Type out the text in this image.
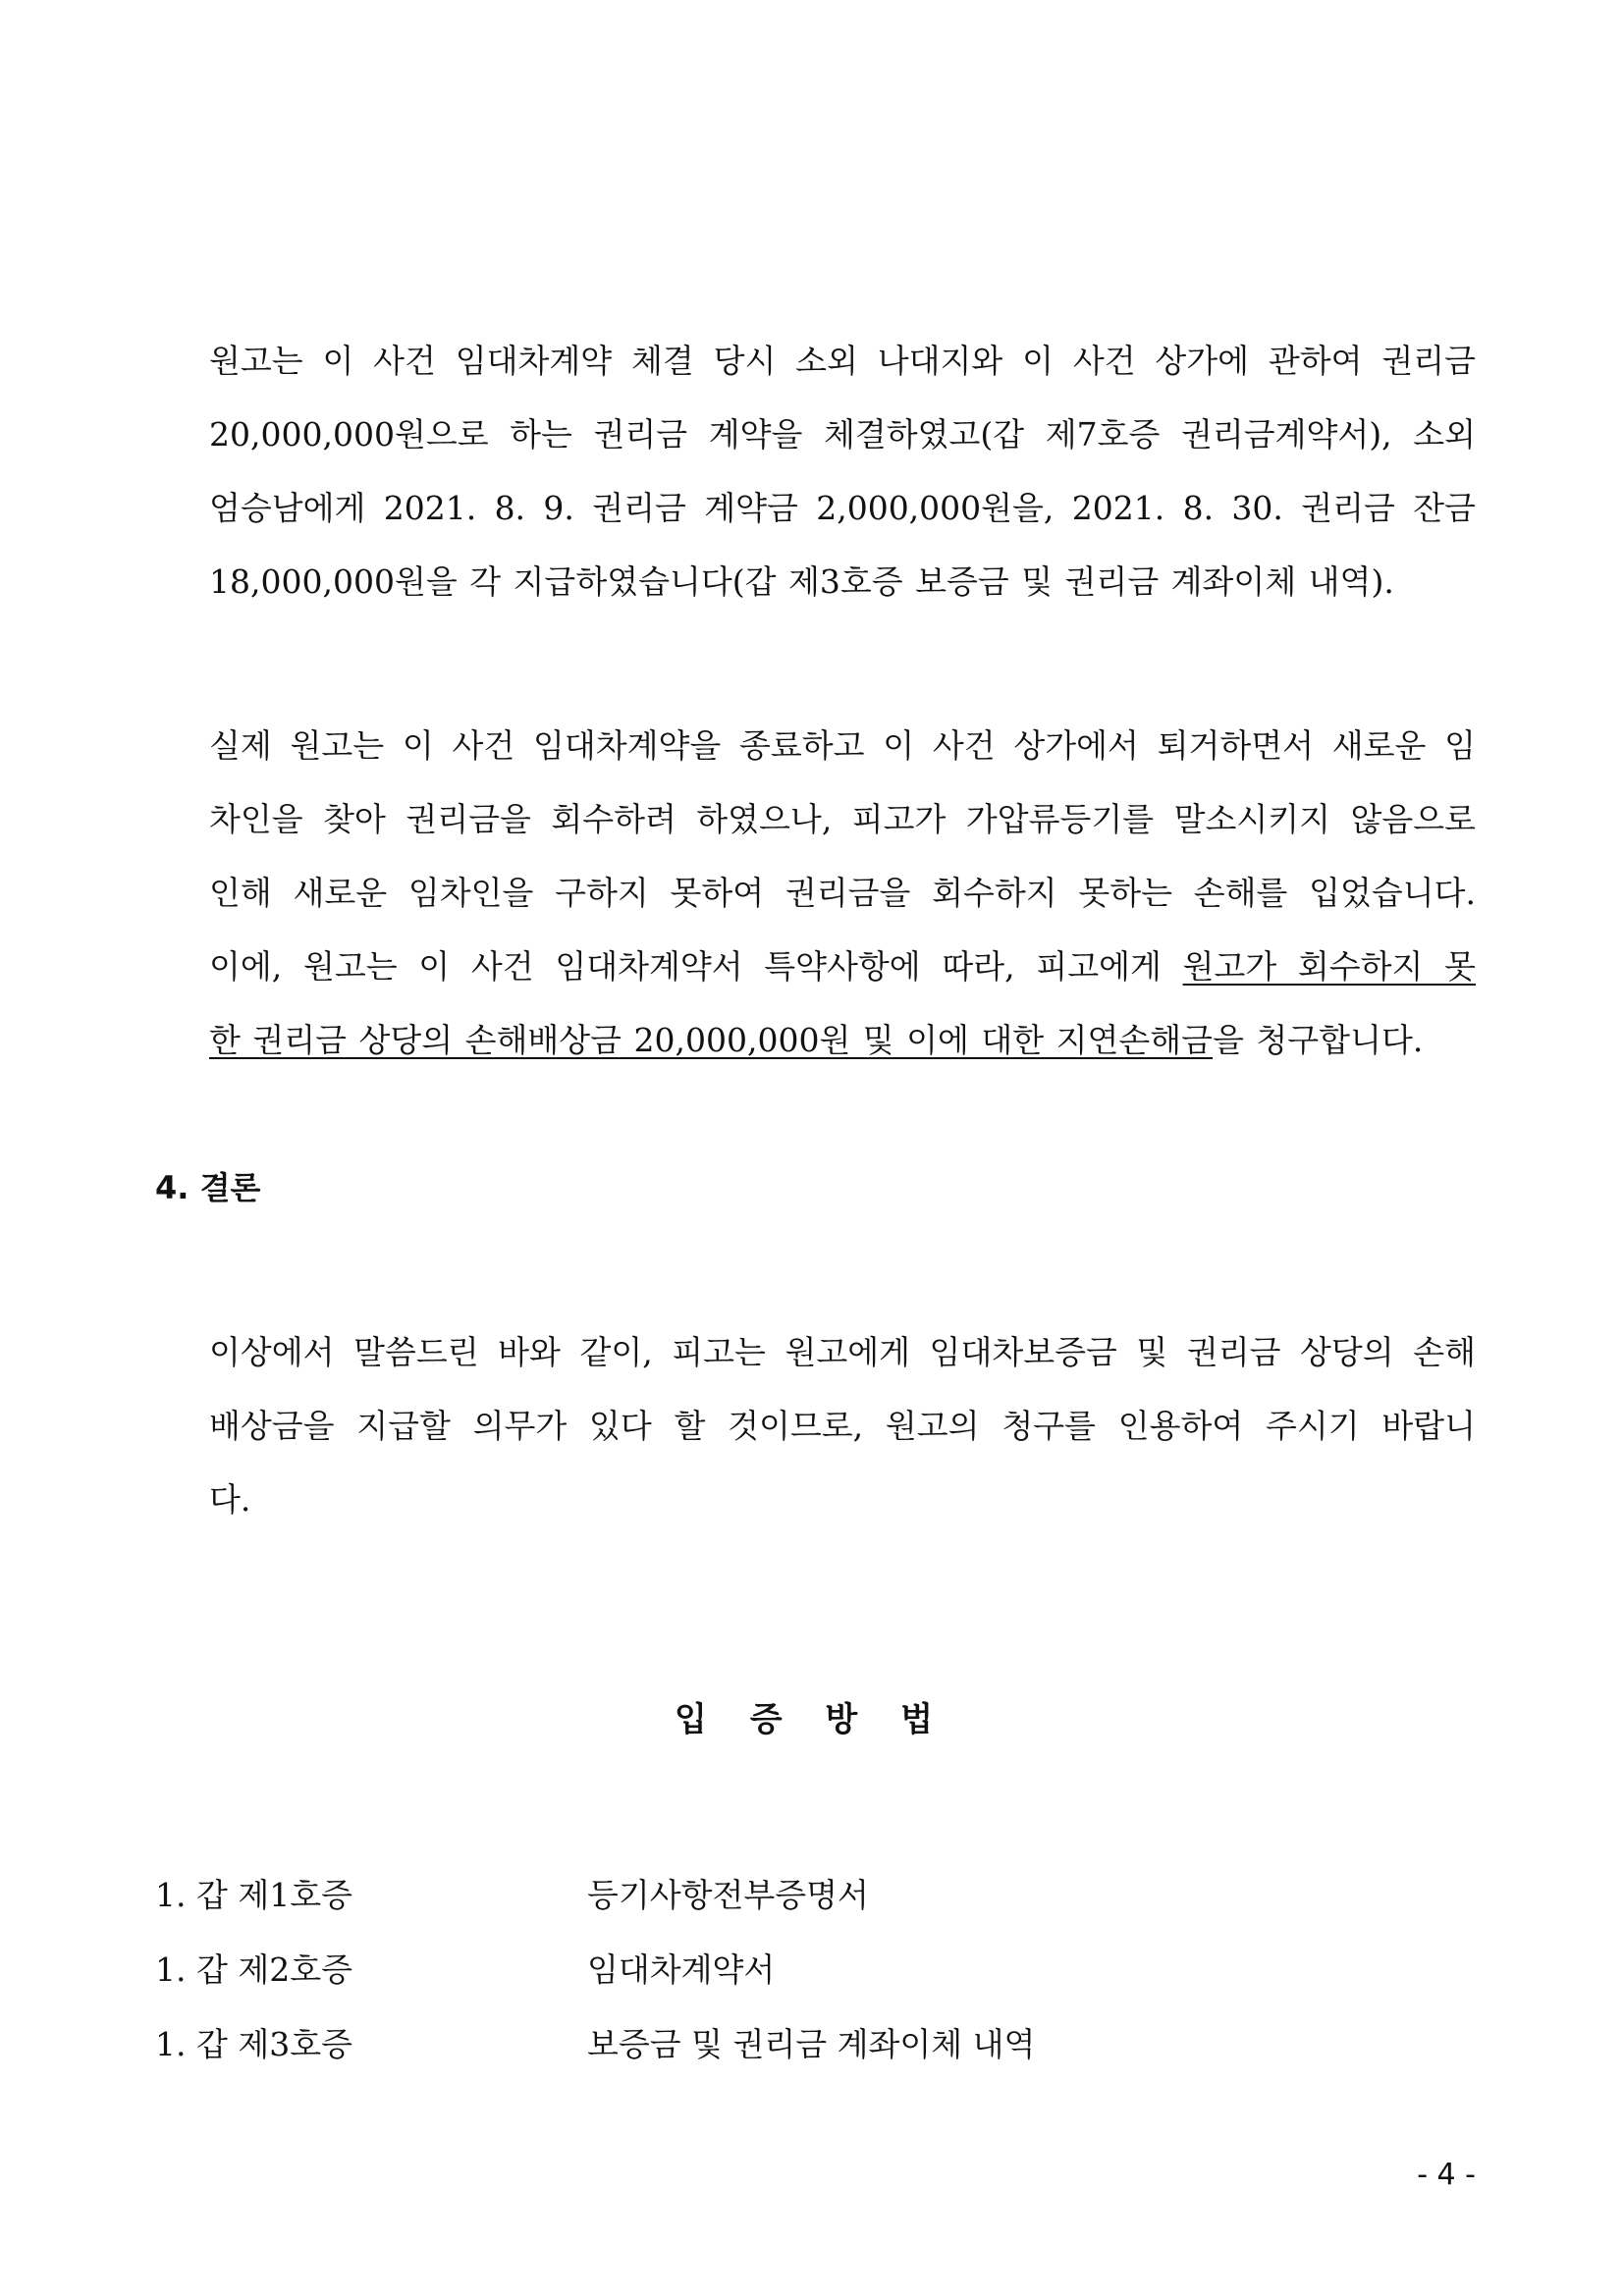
원고는 이 사건 임대차계약 체결 당시 소외 나대지와 이 사건 상가에 관하여 권리금
20,000,000원으로 하는 권리금 계약을 체결하였고(갑 제7호증 권리금계약서), 소외
엄승남에게 2021. 8. 9. 권리금 계약금 2,000,000원을, 2021. 8. 30. 권리금 잔금
18,000,000원을 각 지급하였습니다(갑 제3호증 보증금 및 권리금 계좌이체 내역).
실제 원고는 이 사건 임대차계약을 종료하고 이 사건 상가에서 퇴거하면서 새로운 임
차인을 찾아 권리금을 회수하려 하였으나, 피고가 가압류등기를 말소시키지 않음으로
인해 새로운 임차인을 구하지 못하여 권리금을 회수하지 못하는 손해를 입었습니다.
이에, 원고는 이 사건 임대차계약서 특약사항에 따라, 피고에게 원고가 회수하지 못
한 권리금 상당의 손해배상금 20,000,000원 및 이에 대한 지연손해금을 청구합니다.
4. 결론
이상에서 말씀드린 바와 같이, 피고는 원고에게 임대차보증금 및 권리금 상당의 손해
배상금을 지급할 의무가 있다 할 것이므로, 원고의 청구를 인용하여 주시기 바랍니
다.
입 증 방 법
1. 갑 제1호증	등기사항전부증명서
1. 갑 제2호증	임대차계약서
1. 갑 제3호증	보증금 및 권리금 계좌이체 내역
- 4 -
